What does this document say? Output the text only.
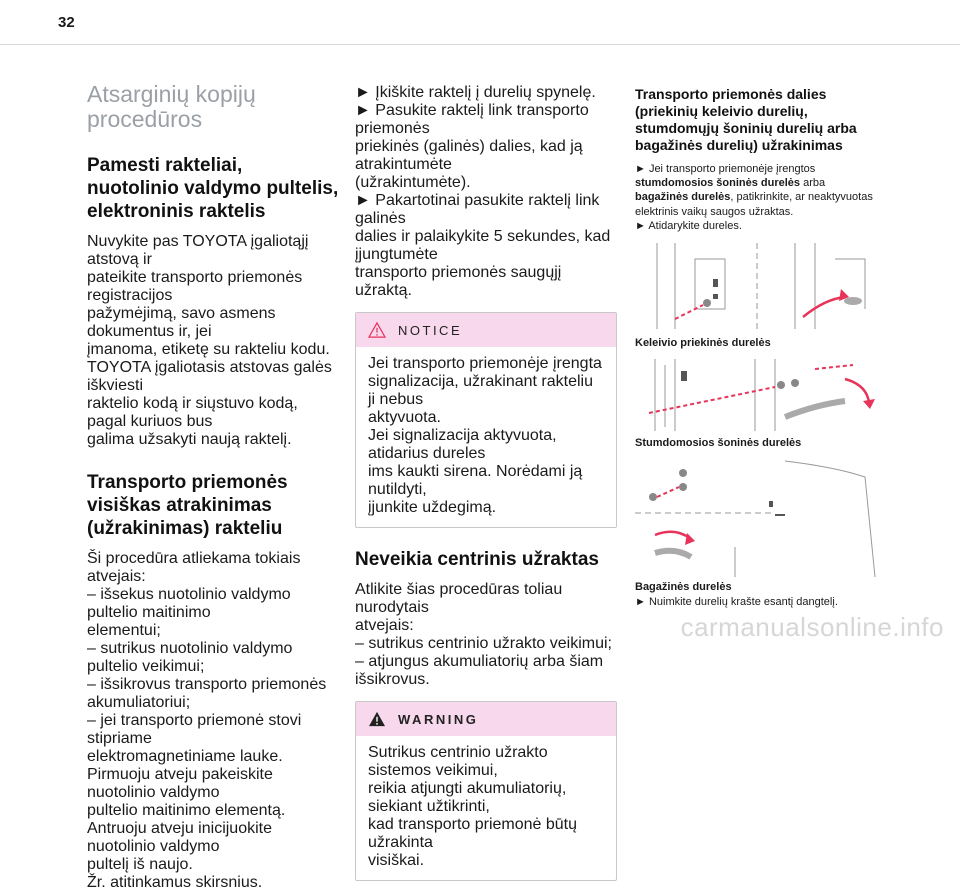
32
Atsarginių kopijų
procedūros
Pamesti rakteliai,
nuotolinio valdymo pultelis,
elektroninis raktelis

Nuvykite pas TOYOTA įgaliotąjį atstovą ir
pateikite transporto priemonės registracijos
pažymėjimą, savo asmens dokumentus ir, jei
įmanoma, etiketę su rakteliu kodu.
TOYOTA įgaliotasis atstovas galės iškviesti
raktelio kodą ir siųstuvo kodą, pagal kuriuos bus
galima užsakyti naują raktelį.

Transporto priemonės
visiškas atrakinimas
(užrakinimas) rakteliu

Ši procedūra atliekama tokiais atvejais:
– išsekus nuotolinio valdymo pultelio maitinimo
elementui;
– sutrikus nuotolinio valdymo pultelio veikimui;
– išsikrovus transporto priemonės
akumuliatoriui;
– jei transporto priemonė stovi stipriame
elektromagnetiniame lauke.
Pirmuoju atveju pakeiskite nuotolinio valdymo
pultelio maitinimo elementą.
Antruoju atveju inicijuokite nuotolinio valdymo
pultelį iš naujo.
Žr. atitinkamus skirsnius.

► Įkiškite raktelį į durelių spynelę.
► Pasukite raktelį link transporto priemonės
priekinės (galinės) dalies, kad ją atrakintumėte
(užrakintumėte).
► Pakartotinai pasukite raktelį link galinės
dalies ir palaikykite 5 sekundes, kad įjungtumėte
transporto priemonės saugųjį užraktą.

NOTICE

Jei transporto priemonėje įrengta
signalizacija, užrakinant rakteliu ji nebus
aktyvuota.
Jei signalizacija aktyvuota, atidarius dureles
ims kaukti sirena. Norėdami ją nutildyti,
įjunkite uždegimą.

Neveikia centrinis užraktas

Atlikite šias procedūras toliau nurodytais
atvejais:
– sutrikus centrinio užrakto veikimui;
– atjungus akumuliatorių arba šiam išsikrovus.

WARNING

Sutrikus centrinio užrakto sistemos veikimui,
reikia atjungti akumuliatorių, siekiant užtikrinti,
kad transporto priemonė būtų užrakinta
visiškai.

Transporto priemonės dalies
(priekinių keleivio durelių,
stumdomųjų šoninių durelių arba
bagažinės durelių) užrakinimas

► Jei transporto priemonėje įrengtos
stumdomosios šoninės durelės arba
bagažinės durelės, patikrinkite, ar neaktyvuotas
elektrinis vaikų saugos užraktas.
► Atidarykite dureles.

Keleivio priekinės durelės
Stumdomosios šoninės durelės
Bagažinės durelės

► Nuimkite durelių krašte esantį dangtelį.

carmanualsonline.info
